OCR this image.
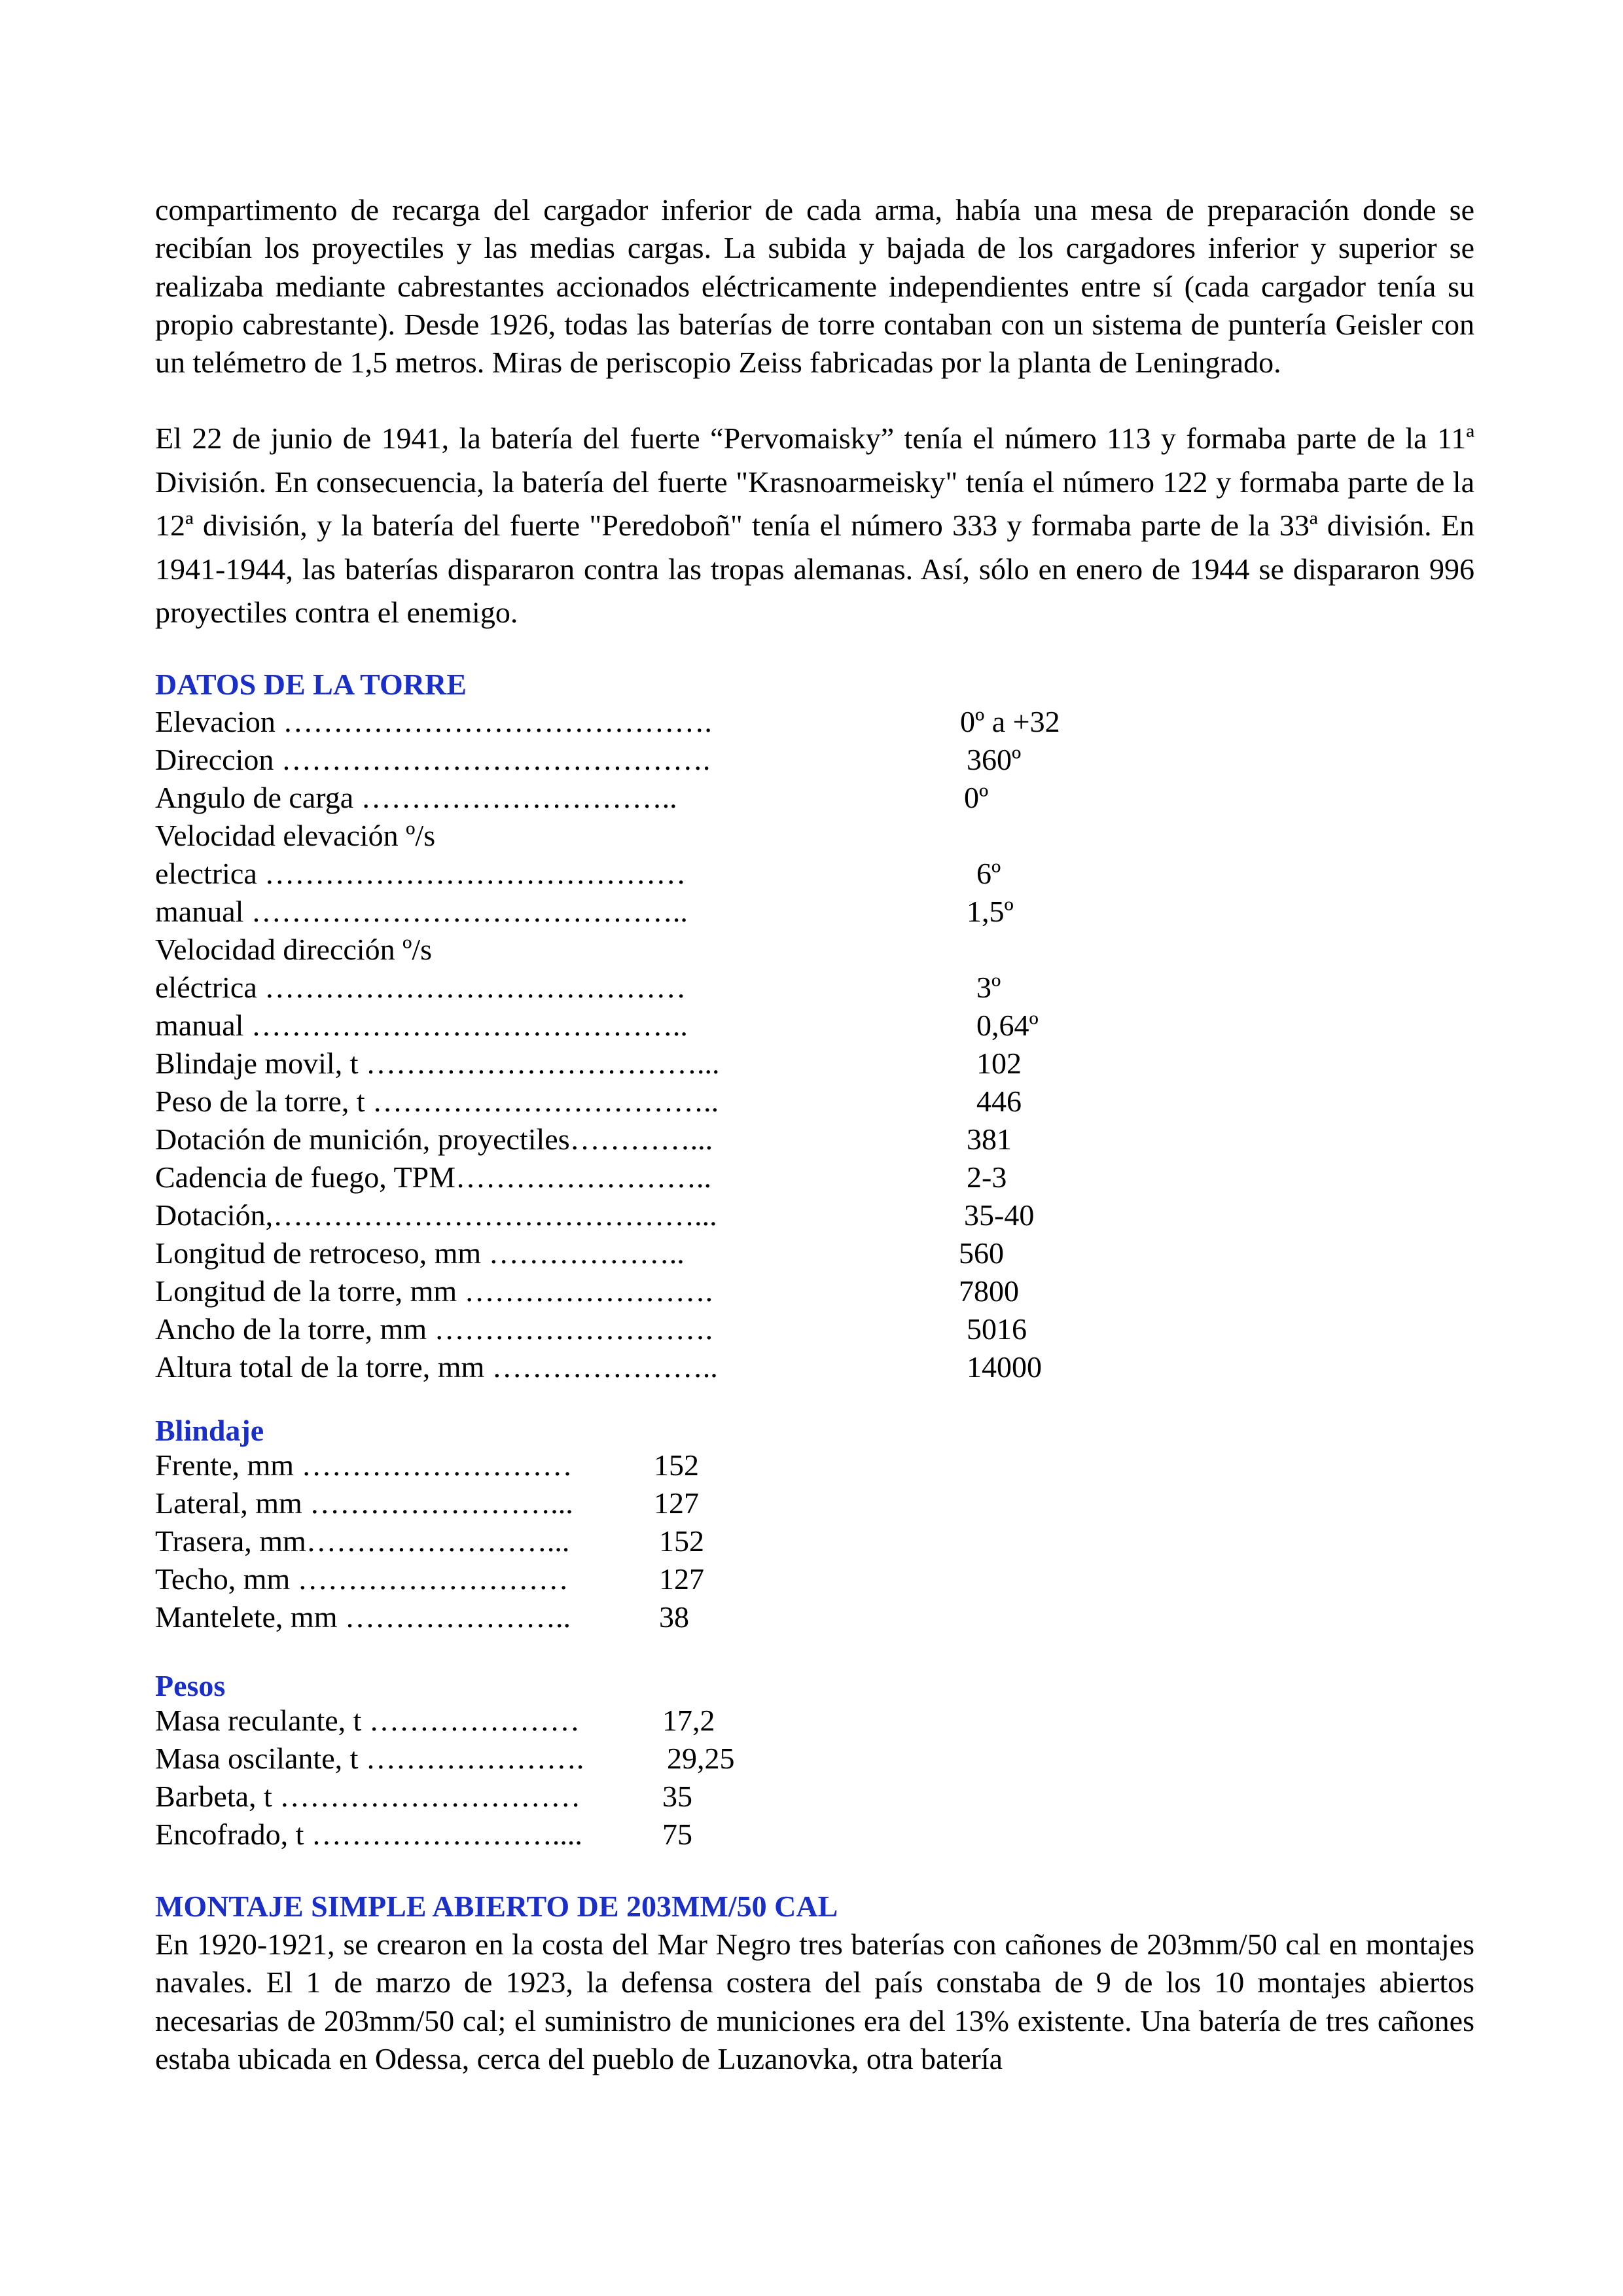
compartimento de recarga del cargador inferior de cada arma, había una mesa de preparación donde se recibían los proyectiles y las medias cargas. La subida y bajada de los cargadores inferior y superior se realizaba mediante cabrestantes accionados eléctricamente independientes entre sí (cada cargador tenía su propio cabrestante). Desde 1926, todas las baterías de torre contaban con un sistema de puntería Geisler con un telémetro de 1,5 metros. Miras de periscopio Zeiss fabricadas por la planta de Leningrado.

El 22 de junio de 1941, la batería del fuerte “Pervomaisky” tenía el número 113 y formaba parte de la 11ª División. En consecuencia, la batería del fuerte "Krasnoarmeisky" tenía el número 122 y formaba parte de la 12ª división, y la batería del fuerte "Peredoboñ" tenía el número 333 y formaba parte de la 33ª división. En 1941-1944, las baterías dispararon contra las tropas alemanas. Así, sólo en enero de 1944 se dispararon 996 proyectiles contra el enemigo.

DATOS DE LA TORRE
Elevacion …………………………………….	0º a +32
Direccion …………………………………….	360º
Angulo de carga …………………………..	0º
Velocidad elevación º/s
electrica ……………………………………	6º
manual ……………………………………..	1,5º
Velocidad dirección º/s
eléctrica ……………………………………	3º
manual ……………………………………..	0,64º
Blindaje movil, t ……………………………...	102
Peso de la torre, t ……………………………..	446
Dotación de munición, proyectiles…………...	381
Cadencia de fuego, TPM……………………..	2-3
Dotación,……………………………………...	35-40
Longitud de retroceso, mm ………………..	560
Longitud de la torre, mm …………………….	7800
Ancho de la torre, mm ……………………….	5016
Altura total de la torre, mm …………………..	14000
Blindaje
Frente, mm ………………………	152
Lateral, mm ……………………...	127
Trasera, mm……………………...	152
Techo, mm ………………………	127
Mantelete, mm …………………..	38
Pesos
Masa reculante, t …………………	17,2
Masa oscilante, t ………………….	29,25
Barbeta, t …………………………	35
Encofrado, t ……………………....	75
MONTAJE SIMPLE ABIERTO DE 203MM/50 CAL

En 1920-1921, se crearon en la costa del Mar Negro tres baterías con cañones de 203mm/50 cal en montajes navales. El 1 de marzo de 1923, la defensa costera del país constaba de 9 de los 10 montajes abiertos necesarias de 203mm/50 cal; el suministro de municiones era del 13% existente. Una batería de tres cañones estaba ubicada en Odessa, cerca del pueblo de Luzanovka, otra batería
